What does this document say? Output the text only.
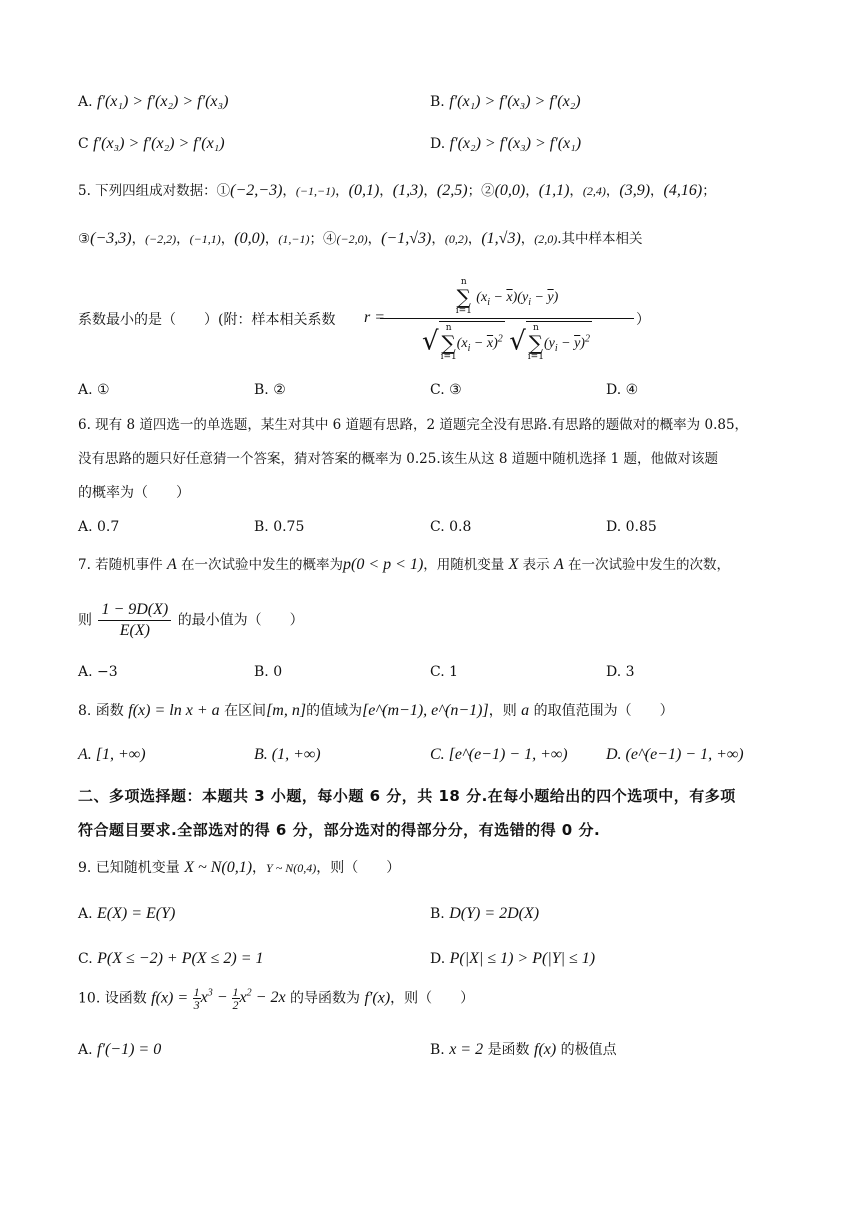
A. f′(x₁) > f′(x₂) > f′(x₃)	B. f′(x₁) > f′(x₃) > f′(x₂)
C f′(x₃) > f′(x₂) > f′(x₁)	D. f′(x₂) > f′(x₃) > f′(x₁)
5. 下列四组成对数据：①(−2,−3)，(−1,−1)，(0,1)，(1,3)，(2,5)；②(0,0)，(1,1)，(2,4)，(3,9)，(4,16)；
③(−3,3)，(−2,2)，(−1,1)，(0,0)，(1,−1)；④(−2,0)，(−1,√3)，(0,2)，(1,√3)，(2,0).其中样本相关
系数最小的是（　　）(附：样本相关系数 r =
n
∑
i=1 $(x_i - \overline{x})(y_i - \overline{y})$
√ n
∑
$i=1(x_i - \overline{x})^2$ √ n
∑
$i=1(y_i - \overline{y})^2$ ）
A. ①	B. ②	C. ③	D. ④
6. 现有 8 道四选一的单选题，某生对其中 6 道题有思路，2 道题完全没有思路.有思路的题做对的概率为 0.85，
没有思路的题只好任意猜一个答案，猜对答案的概率为 0.25.该生从这 8 道题中随机选择 1 题，他做对该题
的概率为（　　）
A. 0.7	B. 0.75	C. 0.8	D. 0.85
7. 若随机事件 A 在一次试验中发生的概率为p(0 < p < 1)，用随机变量 X 表示 A 在一次试验中发生的次数，
则 $\frac{1 - 9D(X)}{E(X)}$ 的最小值为（　　）
A. −3	B. 0	C. 1	D. 3
8. 函数 f(x) = ln x + a 在区间[m, n]的值域为[e^(m−1), e^(n−1)]，则 a 的取值范围为（　　）
A. [1, +∞)	B. (1, +∞)	C. [e^(e−1) − 1, +∞) D. (e^(e−1) − 1, +∞)
二、多项选择题：本题共 3 小题，每小题 6 分，共 18 分.在每小题给出的四个选项中，有多项
符合题目要求.全部选对的得 6 分，部分选对的得部分分，有选错的得 0 分.
9. 已知随机变量 X ~ N(0,1)，Y ~ N(0,4)，则（　　）
A. E(X) = E(Y)	B. D(Y) = 2D(X)
C. P(X ≤ −2) + P(X ≤ 2) = 1	D. P(|X| ≤ 1) > P(|Y| ≤ 1)
10. 设函数 $f(x) = \frac{1}{3} x^3 - \frac{1}{2} x^2 - 2x$ 的导函数为 f′(x)，则（　　）
A. f′(−1) = 0	B. x = 2 是函数 f(x) 的极值点
